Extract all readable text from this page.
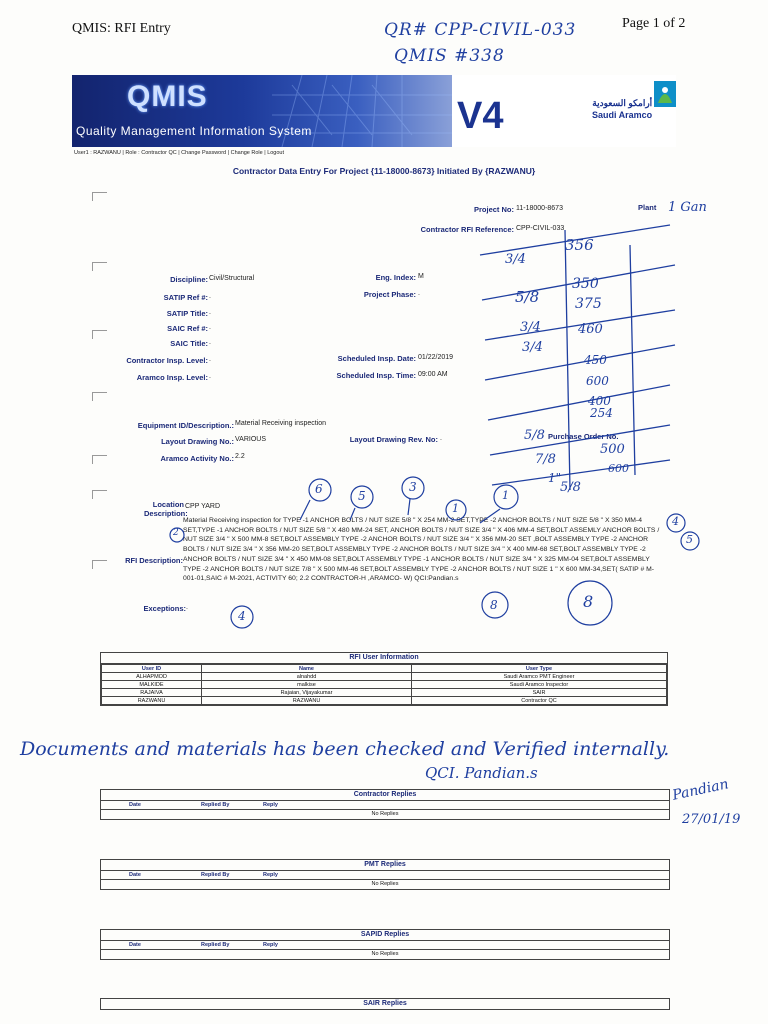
QMIS: RFI Entry	Page 1 of 2
QR# CPP-CIVIL-033
QMIS #338
QMIS
Quality Management Information System	V4	أرامكو السعودية
Saudi Aramco
User1 : RAZWANU | Role : Contractor QC | Change Password | Change Role | Logout
Contractor Data Entry For Project {11-18000-8673} Initiated By {RAZWANU}
Project No: 11-18000-8673	Plant
Contractor RFI Reference: CPP-CIVIL-033
Discipline: Civil/Structural	Eng. Index: M
SATIP Ref #: .	Project Phase: .
SATIP Title: .
SAIC Ref #: .
SAIC Title: .
Contractor Insp. Level: .	Scheduled Insp. Date: 01/22/2019
Aramco Insp. Level: .	Scheduled Insp. Time: 09:00 AM
Equipment ID/Description.: Material Receiving inspection
Layout Drawing No.: VARIOUS	Layout Drawing Rev. No: .	Purchase Order No.
Aramco Activity No.: 2.2
Location Description:
CPP YARD
RFI Description:
Material Receiving inspection for TYPE -1 ANCHOR BOLTS / NUT SIZE 5/8 " X 254 MM-2 SET,TYPE -2 ANCHOR BOLTS / NUT SIZE 5/8 " X 350 MM-4 SET,TYPE -1 ANCHOR BOLTS / NUT SIZE 5/8 " X 480 MM-24 SET, ANCHOR BOLTS / NUT SIZE 3/4 " X 406 MM-4 SET,BOLT ASSEMLY ANCHOR BOLTS / NUT SIZE 3/4 " X 500 MM-8 SET,BOLT ASSEMBLY TYPE -2 ANCHOR BOLTS / NUT SIZE 3/4 " X 356 MM-20 SET ,BOLT ASSEMBLY TYPE -2 ANCHOR BOLTS / NUT SIZE 3/4 " X 356 MM-20 SET,BOLT ASSEMBLY TYPE -2 ANCHOR BOLTS / NUT SIZE 3/4 " X 400 MM-68 SET,BOLT ASSEMBLY TYPE -2 ANCHOR BOLTS / NUT SIZE 3/4 " X 450 MM-08 SET,BOLT ASSEMBLY TYPE -1 ANCHOR BOLTS / NUT SIZE 3/4 " X 325 MM-04 SET,BOLT ASSEMBLY TYPE -2 ANCHOR BOLTS / NUT SIZE 7/8 " X 500 MM-46 SET,BOLT ASSEMBLY TYPE -2 ANCHOR BOLTS / NUT SIZE 1 " X 600 MM-34,SET( SATIP # M-001-01,SAIC # M-2021, ACTIVITY 60; 2.2 CONTRACTOR-H ,ARAMCO- W) QCI:Pandian.s
Exceptions: .
356
3/4
5/8
350
375
3/4	460
3/4
450
600
400
254
5/8
500
7/8
600
1"
5/8
1 Gan
6	5
3
1
1
4
5
2
4
8	8
RFI User Information
User ID	Name	User Type
ALHAPMOD	alnahdd	Saudi Aramco PMT Engineer
MALKIDE	malkise	Saudi Aramco Inspector
RAJAIVA	Rajaian, Vijayakumar	SAIR
RAZWANU	RAZWANU	Contractor QC
Documents and materials has been checked and Verified internally.
QCI. Pandian.s
Pandian
27/01/19
Contractor Replies
Date	Replied By	Reply
No Replies
PMT Replies
Date	Replied By	Reply
No Replies
SAPID Replies
Date	Replied By	Reply
No Replies
SAIR Replies
